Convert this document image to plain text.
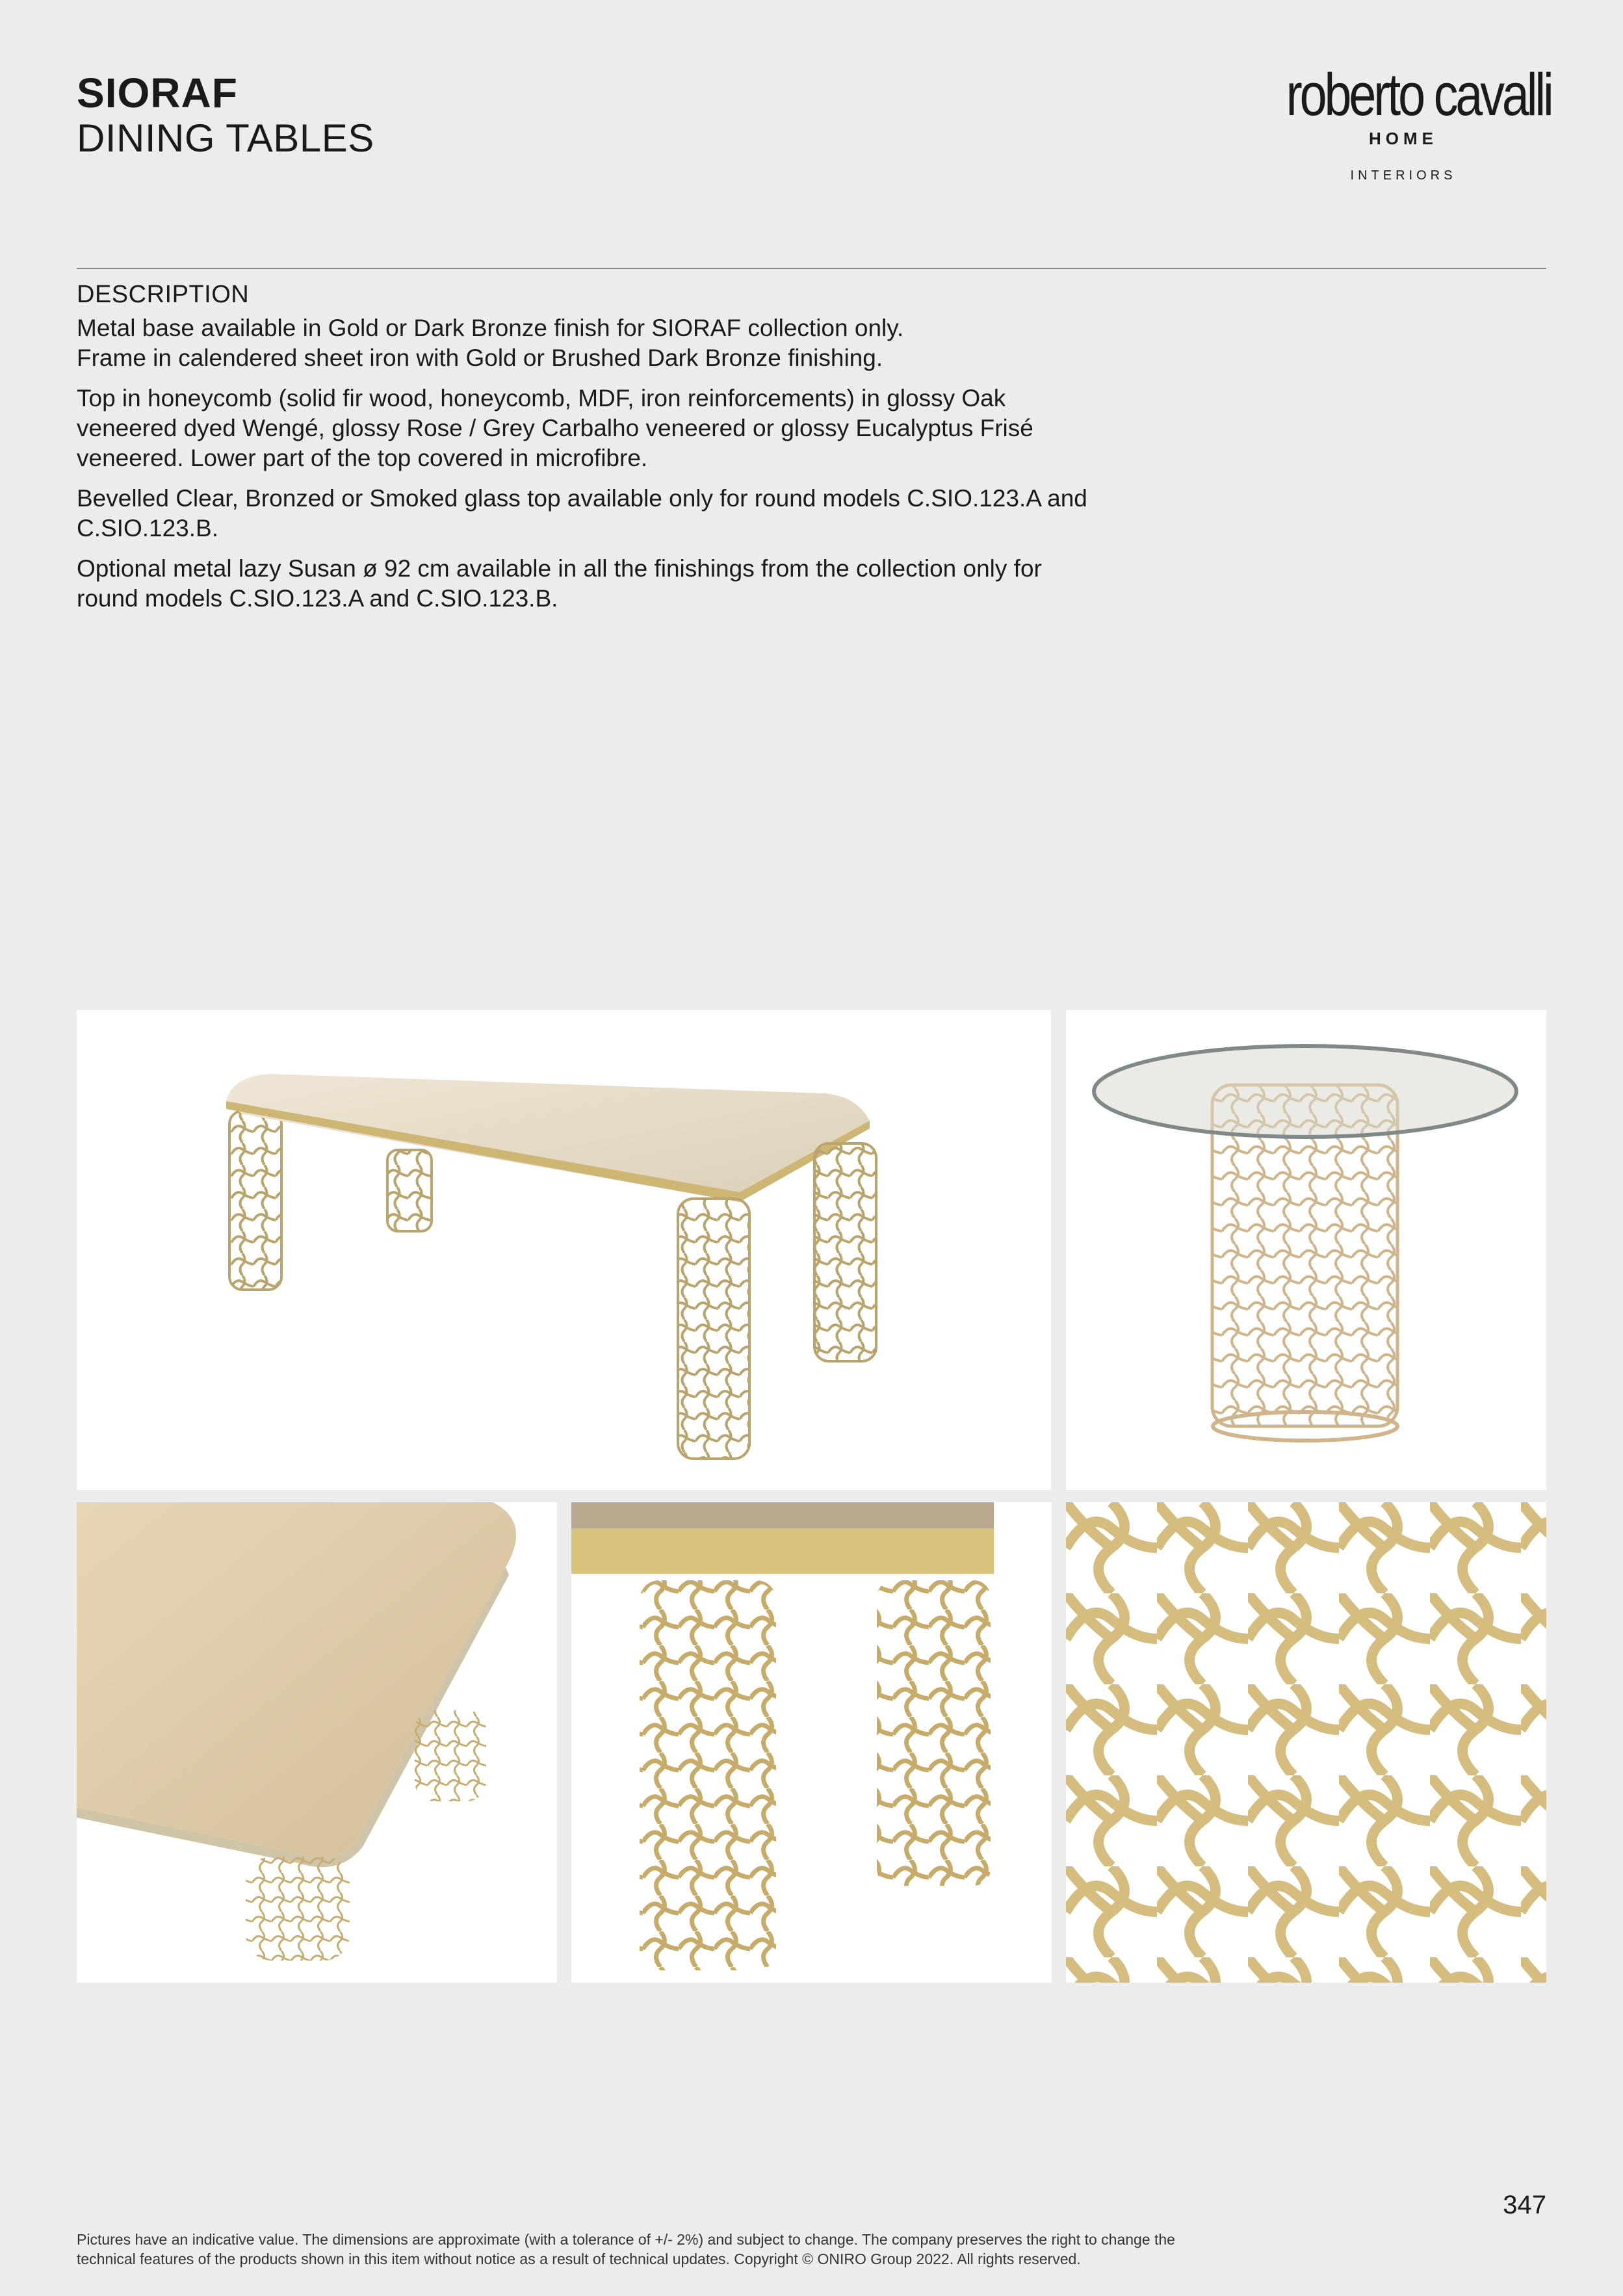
SIORAF
DINING TABLES
roberto cavalli
HOME
INTERIORS
DESCRIPTION

Metal base available in Gold or Dark Bronze finish for SIORAF collection only.
Frame in calendered sheet iron with Gold or Brushed Dark Bronze finishing.

Top in honeycomb (solid fir wood, honeycomb, MDF, iron reinforcements) in glossy Oak veneered dyed Wengé, glossy Rose / Grey Carbalho veneered or glossy Eucalyptus Frisé veneered. Lower part of the top covered in microfibre.

Bevelled Clear, Bronzed or Smoked glass top available only for round models C.SIO.123.A and C.SIO.123.B.

Optional metal lazy Susan ø 92 cm available in all the finishings from the collection only for round models C.SIO.123.A and C.SIO.123.B.

347
Pictures have an indicative value. The dimensions are approximate (with a tolerance of +/- 2%) and subject to change. The company preserves the right to change the
technical features of the products shown in this item without notice as a result of technical updates. Copyright © ONIRO Group 2022. All rights reserved.
